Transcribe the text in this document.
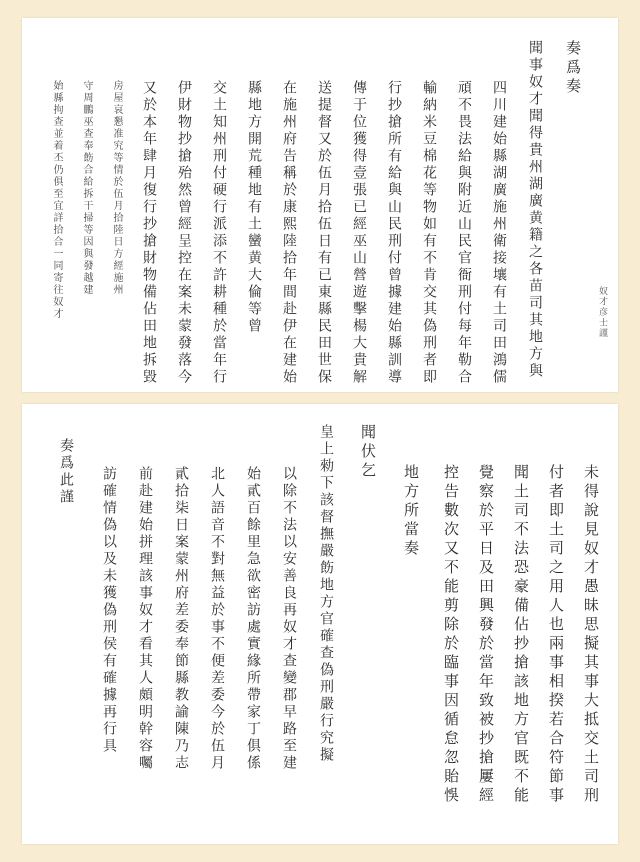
奏爲奏
奴才彦士謹
聞事奴才聞得貴州湖廣黄籍之各苗司其地方與
四川建始縣湖廣施州衛接壤有土司田鴻儒
頑不畏法給與附近山民官衙刑付每年勒合
輸納米豆棉花等物如有不肯交其偽刑者即
行抄搶所有給與山民刑付曾據建始縣訓導
傳于位獲得壹張已經巫山營遊擊楊大貴解
送提督又於伍月拾伍日有已東縣民田世保
在施州府告稱於康熙陸拾年間赴伊在建始
縣地方開荒種地有土蠻黄大倫等曾
交土知州刑付硬行派添不許耕種於當年行
伊財物抄搶殆然曾經呈控在案未蒙發落今
又於本年肆月復行抄搶財物備佔田地拆毀
房屋哀懇准究等情於伍月拾陸日方經施州
守周鵬巫查奉飭合給拆干掃等因與發越建
始縣拘查並着丕仍俱至宜詳拾合一同寄往奴才
未得說見奴才愚昧思擬其事大抵交土司刑
付者即土司之用人也兩事相揆若合符節事
聞土司不法恐豪備佔抄搶該地方官既不能
覺察於平日及田興發於當年致被抄搶屢經
控告數次又不能剪除於臨事因循怠忽貽悞
地方所當奏
聞伏乞
皇上勑下該督撫嚴飭地方官確查偽刑嚴行究擬
以除不法以安善良再奴才查變郡早路至建
始貳百餘里急欲密訪處實緣所帶家丁俱係
北人語音不對無益於事不便差委今於伍月
貳拾柒日案蒙州府差委奉節縣教諭陳乃志
前赴建始拼理該事奴才看其人頗明幹容囑
訪確情偽以及未獲偽刑侯有確據再行具
奏爲此謹
